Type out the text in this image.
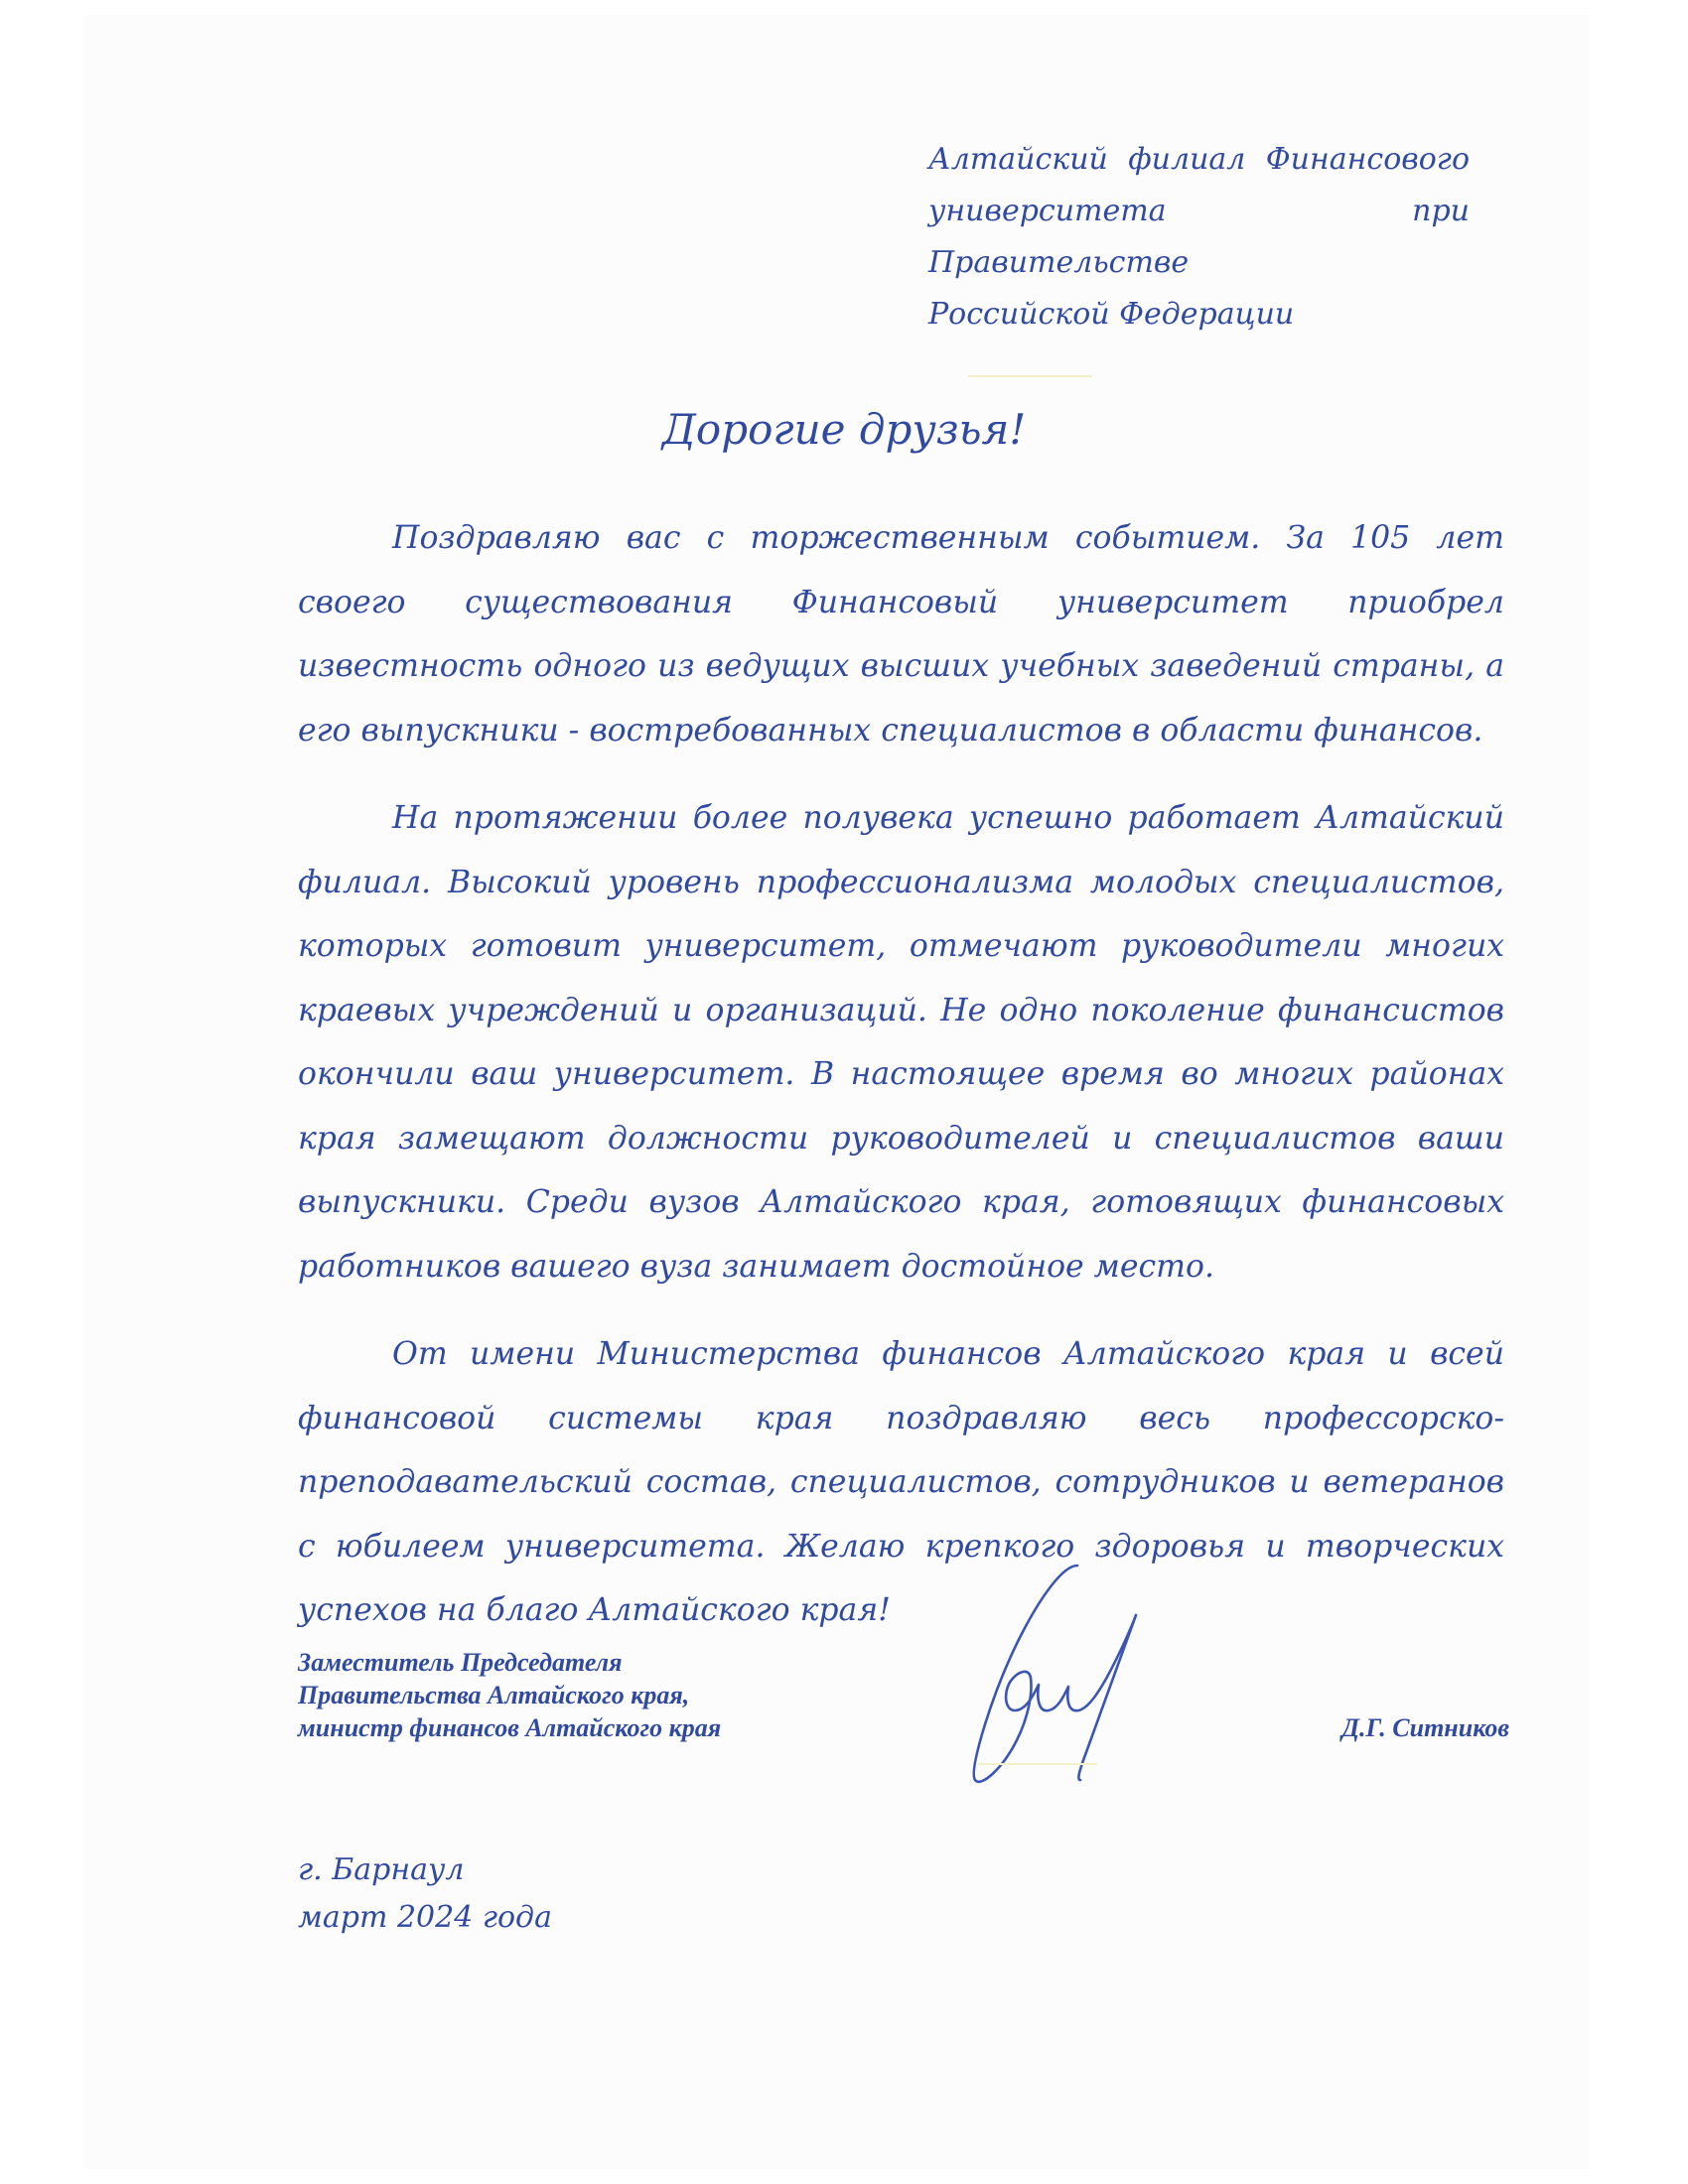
Алтайский филиал Финансового
университета при Правительстве
Российской Федерации
Дорогие друзья!

Поздравляю вас с торжественным событием. За 105 лет своего существования Финансовый университет приобрел известность одного из ведущих высших учебных заведений страны, а его выпускники - востребованных специалистов в области финансов.

На протяжении более полувека успешно работает Алтайский филиал. Высокий уровень профессионализма молодых специалистов, которых готовит университет, отмечают руководители многих краевых учреждений и организаций. Не одно поколение финансистов окончили ваш университет. В настоящее время во многих районах края замещают должности руководителей и специалистов ваши выпускники. Среди вузов Алтайского края, готовящих финансовых работников вашего вуза занимает достойное место.

От имени Министерства финансов Алтайского края и всей финансовой системы края поздравляю весь профессорско-преподавательский состав, специалистов, сотрудников и ветеранов с юбилеем университета. Желаю крепкого здоровья и творческих успехов на благо Алтайского края!

Заместитель Председателя
Правительства Алтайского края,
министр финансов Алтайского края	Д.Г. Ситников
г. Барнаул
март 2024 года
